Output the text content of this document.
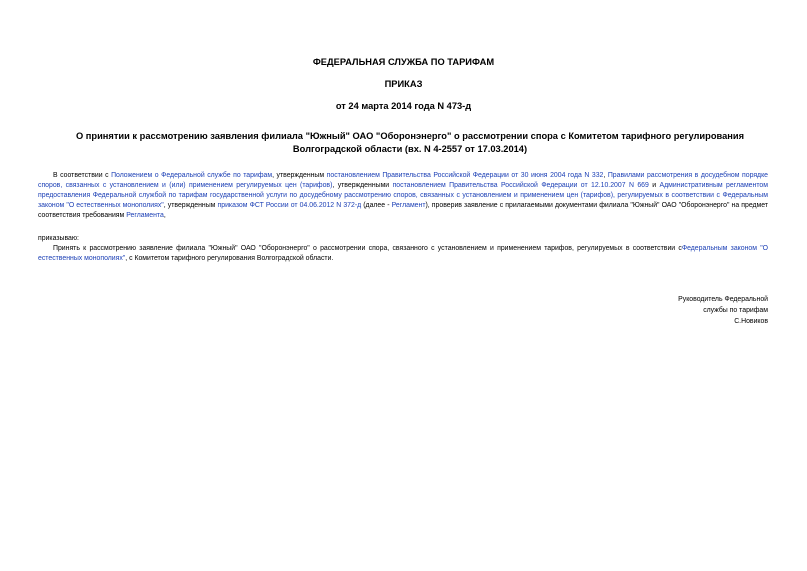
ФЕДЕРАЛЬНАЯ СЛУЖБА ПО ТАРИФАМ
ПРИКАЗ
от 24 марта 2014 года N 473-д
О принятии к рассмотрению заявления филиала "Южный" ОАО "Оборонэнерго" о рассмотрении спора с Комитетом тарифного регулирования Волгоградской области (вх. N 4-2557 от 17.03.2014)
В соответствии с Положением о Федеральной службе по тарифам, утвержденным постановлением Правительства Российской Федерации от 30 июня 2004 года N 332, Правилами рассмотрения в досудебном порядке споров, связанных с установлением и (или) применением регулируемых цен (тарифов), утвержденными постановлением Правительства Российской Федерации от 12.10.2007 N 669 и Административным регламентом предоставления Федеральной службой по тарифам государственной услуги по досудебному рассмотрению споров, связанных с установлением и применением цен (тарифов), регулируемых в соответствии с Федеральным законом "О естественных монополиях", утвержденным приказом ФСТ России от 04.06.2012 N 372-д (далее - Регламент), проверив заявление с прилагаемыми документами филиала "Южный" ОАО "Оборонэнерго" на предмет соответствия требованиям Регламента,
приказываю:
Принять к рассмотрению заявление филиала "Южный" ОАО "Оборонэнерго" о рассмотрении спора, связанного с установлением и применением тарифов, регулируемых в соответствии сФедеральным законом "О естественных монополиях", с Комитетом тарифного регулирования Волгоградской области.
Руководитель Федеральной
службы по тарифам
С.Новиков
